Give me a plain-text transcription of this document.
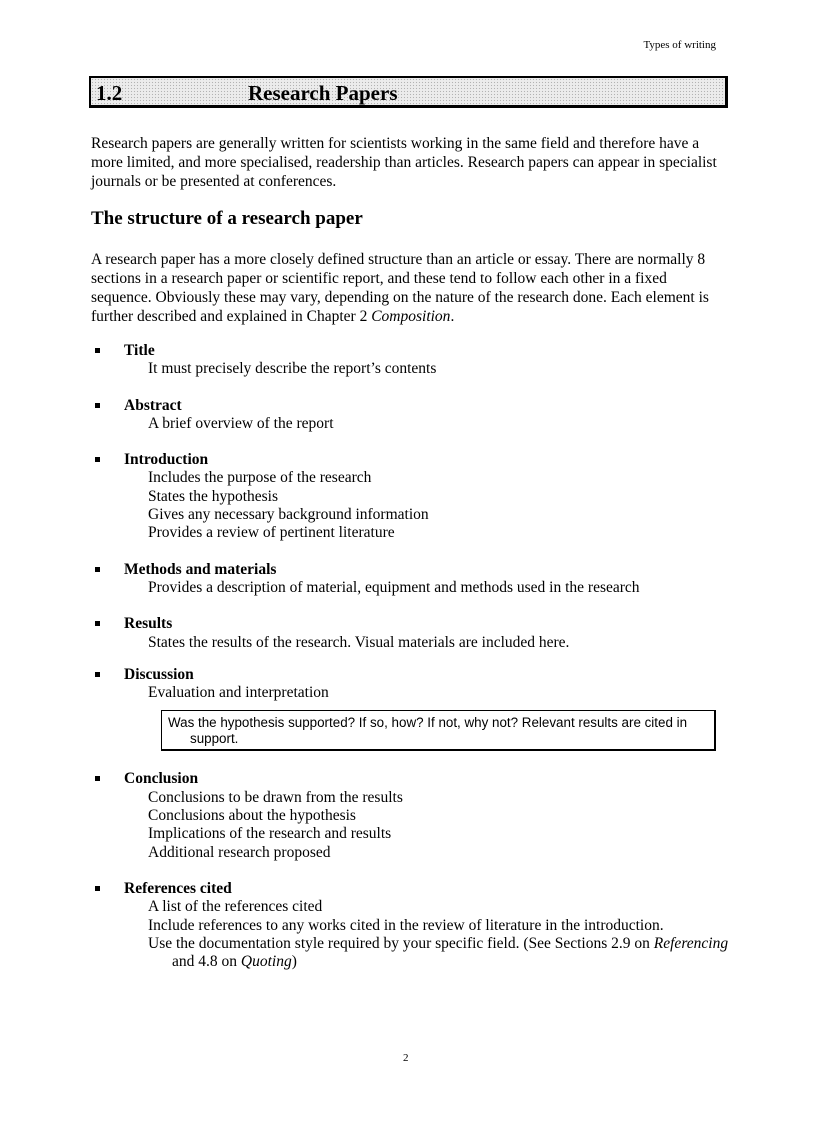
Types of writing
1.2	Research Papers
Research papers are generally written for scientists working in the same field and therefore have a more limited, and more specialised, readership than articles. Research papers can appear in specialist journals or be presented at conferences.
The structure of a research paper
A research paper has a more closely defined structure than an article or essay. There are normally 8 sections in a research paper or scientific report, and these tend to follow each other in a fixed sequence. Obviously these may vary, depending on the nature of the research done. Each element is further described and explained in Chapter 2 Composition.
Title
It must precisely describe the report’s contents
Abstract
A brief overview of the report
Introduction
Includes the purpose of the research
States the hypothesis
Gives any necessary background information
Provides a review of pertinent literature
Methods and materials
Provides a description of material, equipment and methods used in the research
Results
States the results of the research. Visual materials are included here.
Discussion
Evaluation and interpretation
Was the hypothesis supported? If so, how? If not, why not? Relevant results are cited in support.
Conclusion
Conclusions to be drawn from the results
Conclusions about the hypothesis
Implications of the research and results
Additional research proposed
References cited
A list of the references cited
Include references to any works cited in the review of literature in the introduction.
Use the documentation style required by your specific field. (See Sections 2.9 on Referencing and 4.8 on Quoting)
2
